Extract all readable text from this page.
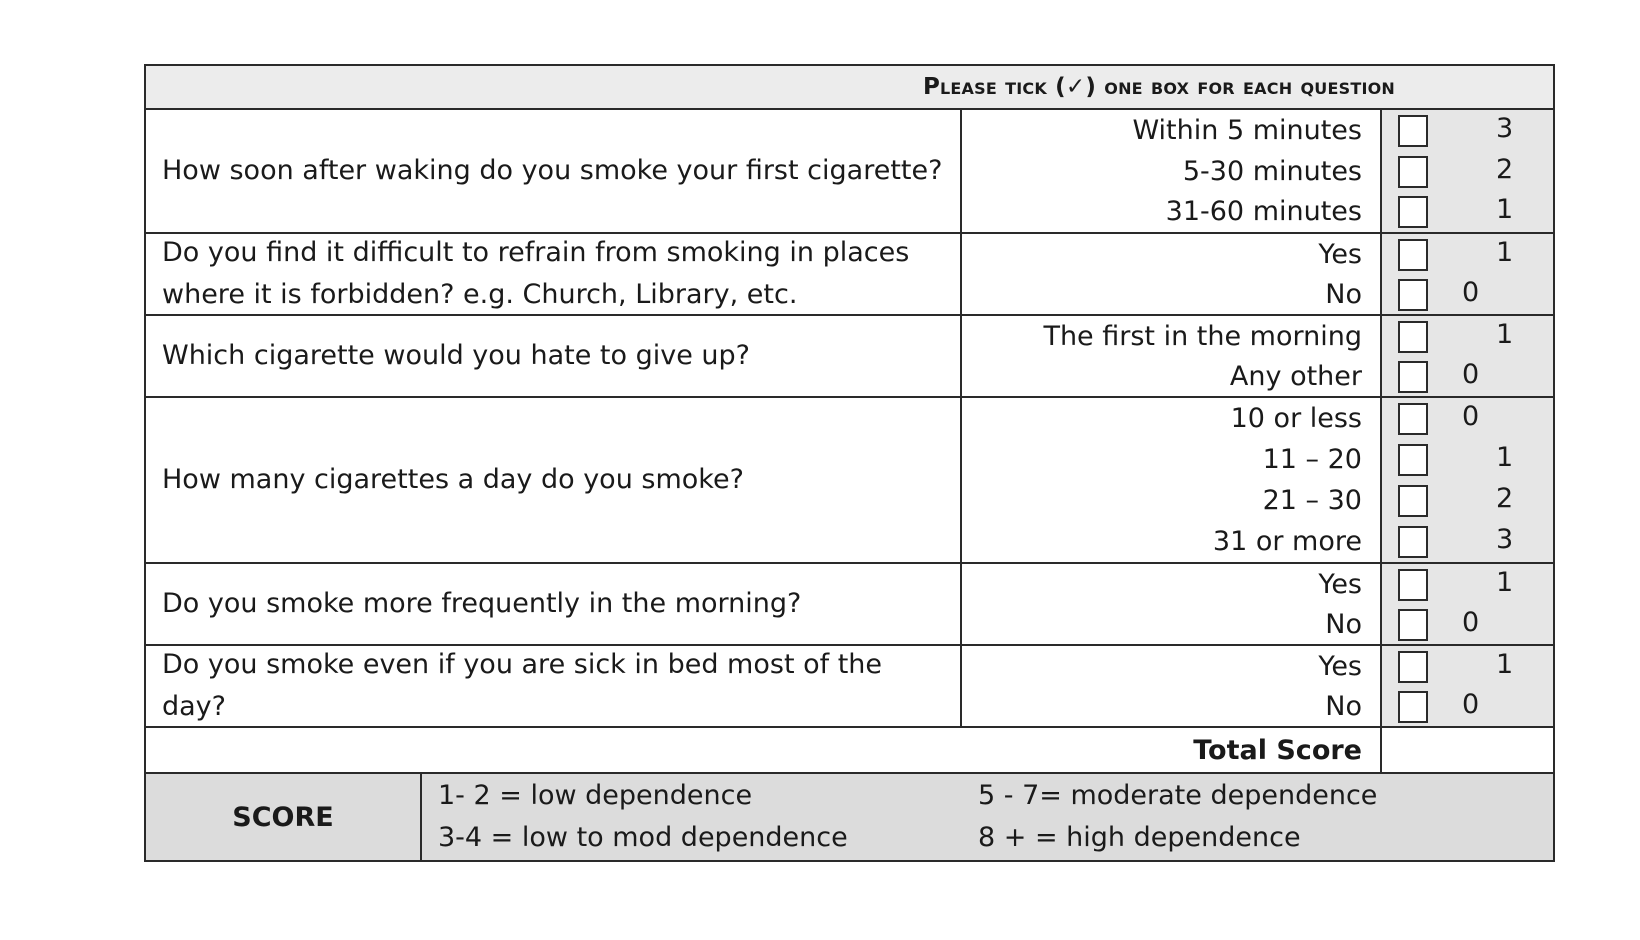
Please tick (✓) one box for each question
How soon after waking do you smoke your first cigarette?
Within 5 minutes
5-30 minutes
31-60 minutes
3
2
1
Do you find it difficult to refrain from smoking in places where it is forbidden? e.g. Church, Library, etc.
Yes
No
1
0
Which cigarette would you hate to give up?
The first in the morning
Any other
1
0
How many cigarettes a day do you smoke?
10 or less
11 – 20
21 – 30
31 or more
0
1
2
3
Do you smoke more frequently in the morning?
Yes
No
1
0
Do you smoke even if you are sick in bed most of the day?
Yes
No
1
0
Total Score
SCORE
1- 2 = low dependence
3-4 = low to mod dependence
5 - 7= moderate dependence
8 + = high dependence
